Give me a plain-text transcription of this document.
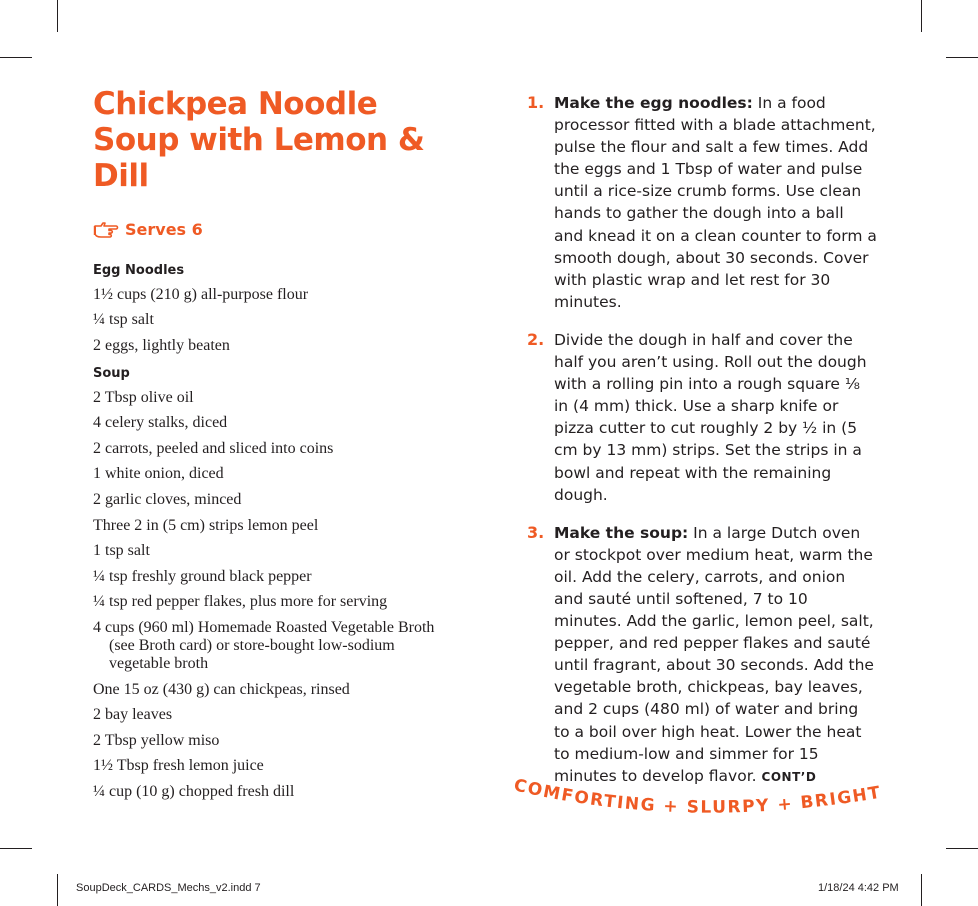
Chickpea Noodle Soup with Lemon & Dill
Serves 6
Egg Noodles
1½ cups (210 g) all-purpose flour
¼ tsp salt
2 eggs, lightly beaten
Soup
2 Tbsp olive oil
4 celery stalks, diced
2 carrots, peeled and sliced into coins
1 white onion, diced
2 garlic cloves, minced
Three 2 in (5 cm) strips lemon peel
1 tsp salt
¼ tsp freshly ground black pepper
¼ tsp red pepper flakes, plus more for serving
4 cups (960 ml) Homemade Roasted Vegetable Broth (see Broth card) or store-bought low-sodium vegetable broth
One 15 oz (430 g) can chickpeas, rinsed
2 bay leaves
2 Tbsp yellow miso
1½ Tbsp fresh lemon juice
¼ cup (10 g) chopped fresh dill
1. Make the egg noodles: In a food processor fitted with a blade attachment, pulse the flour and salt a few times. Add the eggs and 1 Tbsp of water and pulse until a rice-size crumb forms. Use clean hands to gather the dough into a ball and knead it on a clean counter to form a smooth dough, about 30 seconds. Cover with plastic wrap and let rest for 30 minutes.
2. Divide the dough in half and cover the half you aren’t using. Roll out the dough with a rolling pin into a rough square ⅛ in (4 mm) thick. Use a sharp knife or pizza cutter to cut roughly 2 by ½ in (5 cm by 13 mm) strips. Set the strips in a bowl and repeat with the remaining dough.
3. Make the soup: In a large Dutch oven or stockpot over medium heat, warm the oil. Add the celery, carrots, and onion and sauté until softened, 7 to 10 minutes. Add the garlic, lemon peel, salt, pepper, and red pepper flakes and sauté until fragrant, about 30 seconds. Add the vegetable broth, chickpeas, bay leaves, and 2 cups (480 ml) of water and bring to a boil over high heat. Lower the heat to medium-low and simmer for 15 minutes to develop flavor. CONT’D
COMFORTING + SLURPY + BRIGHT
SoupDeck_CARDS_Mechs_v2.indd 7	1/18/24 4:42 PM
